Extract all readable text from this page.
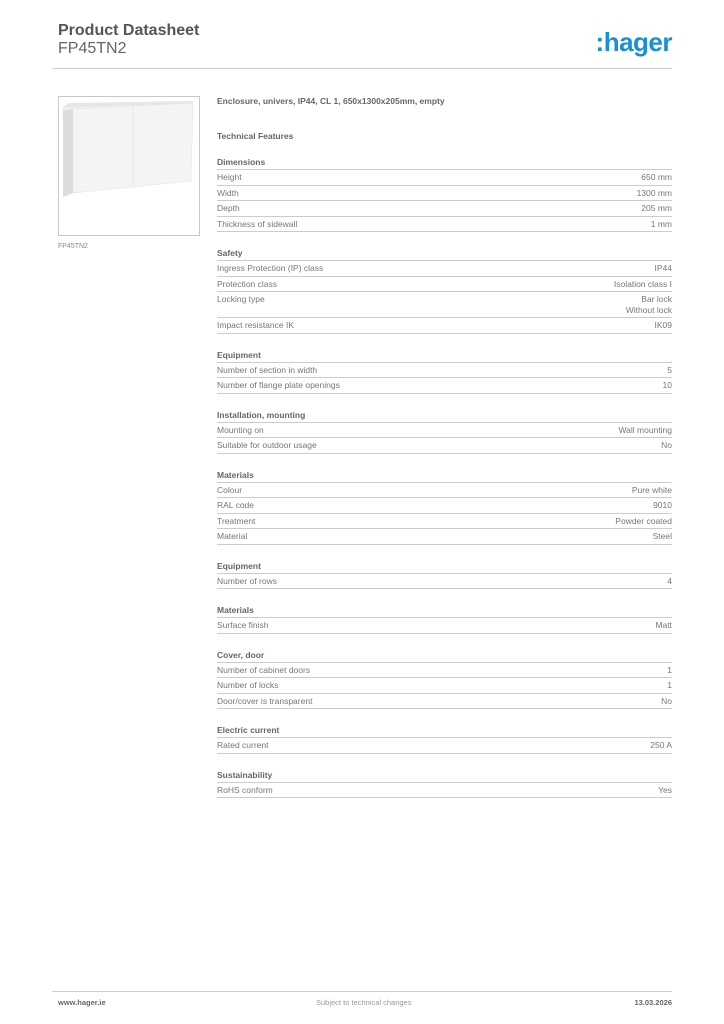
Product Datasheet
FP45TN2	:hager
FP45TN2
Enclosure, univers, IP44, CL 1, 650x1300x205mm, empty
Technical Features
Dimensions
Height	650 mm
Width	1300 mm
Depth	205 mm
Thickness of sidewall	1 mm
Safety
Ingress Protection (IP) class	IP44
Protection class	Isolation class I
Locking type	Bar lock
Without lock
Impact resistance IK	IK09
Equipment
Number of section in width	5
Number of flange plate openings	10
Installation, mounting
Mounting on	Wall mounting
Suitable for outdoor usage	No
Materials
Colour	Pure white
RAL code	9010
Treatment	Powder coated
Material	Steel
Equipment
Number of rows	4
Materials
Surface finish	Matt
Cover, door
Number of cabinet doors	1
Number of locks	1
Door/cover is transparent	No
Electric current
Rated current	250 A
Sustainability
RoHS conform	Yes
www.hager.ie	Subject to technical changes	13.03.2026
